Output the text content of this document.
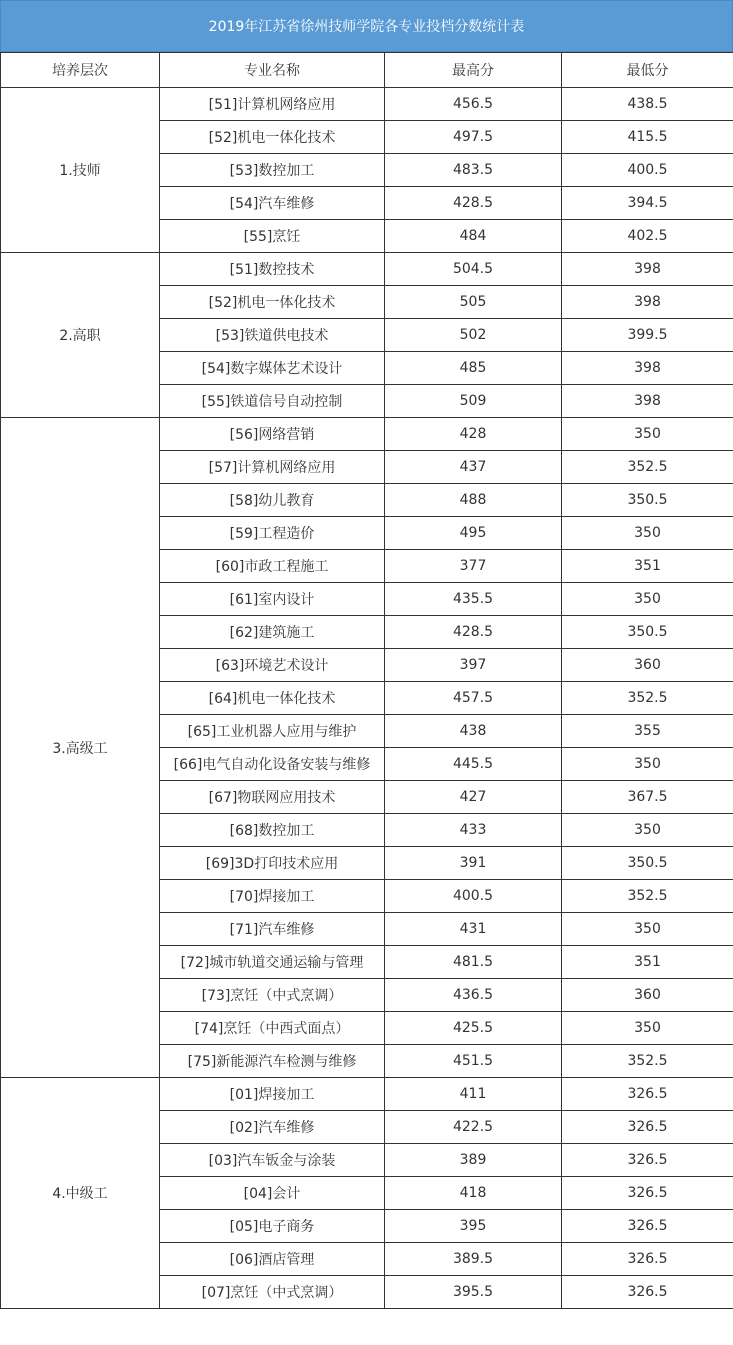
2019年江苏省徐州技师学院各专业投档分数统计表
培养层次	专业名称	最高分	最低分
1.技师	[51]计算机网络应用	456.5	438.5
	[52]机电一体化技术	497.5	415.5
	[53]数控加工	483.5	400.5
	[54]汽车维修	428.5	394.5
	[55]烹饪	484	402.5
2.高职	[51]数控技术	504.5	398
	[52]机电一体化技术	505	398
	[53]铁道供电技术	502	399.5
	[54]数字媒体艺术设计	485	398
	[55]铁道信号自动控制	509	398
3.高级工	[56]网络营销	428	350
	[57]计算机网络应用	437	352.5
	[58]幼儿教育	488	350.5
	[59]工程造价	495	350
	[60]市政工程施工	377	351
	[61]室内设计	435.5	350
	[62]建筑施工	428.5	350.5
	[63]环境艺术设计	397	360
	[64]机电一体化技术	457.5	352.5
	[65]工业机器人应用与维护	438	355
	[66]电气自动化设备安装与维修	445.5	350
	[67]物联网应用技术	427	367.5
	[68]数控加工	433	350
	[69]3D打印技术应用	391	350.5
	[70]焊接加工	400.5	352.5
	[71]汽车维修	431	350
	[72]城市轨道交通运输与管理	481.5	351
	[73]烹饪（中式烹调）	436.5	360
	[74]烹饪（中西式面点）	425.5	350
	[75]新能源汽车检测与维修	451.5	352.5
4.中级工	[01]焊接加工	411	326.5
	[02]汽车维修	422.5	326.5
	[03]汽车钣金与涂装	389	326.5
	[04]会计	418	326.5
	[05]电子商务	395	326.5
	[06]酒店管理	389.5	326.5
	[07]烹饪（中式烹调）	395.5	326.5
